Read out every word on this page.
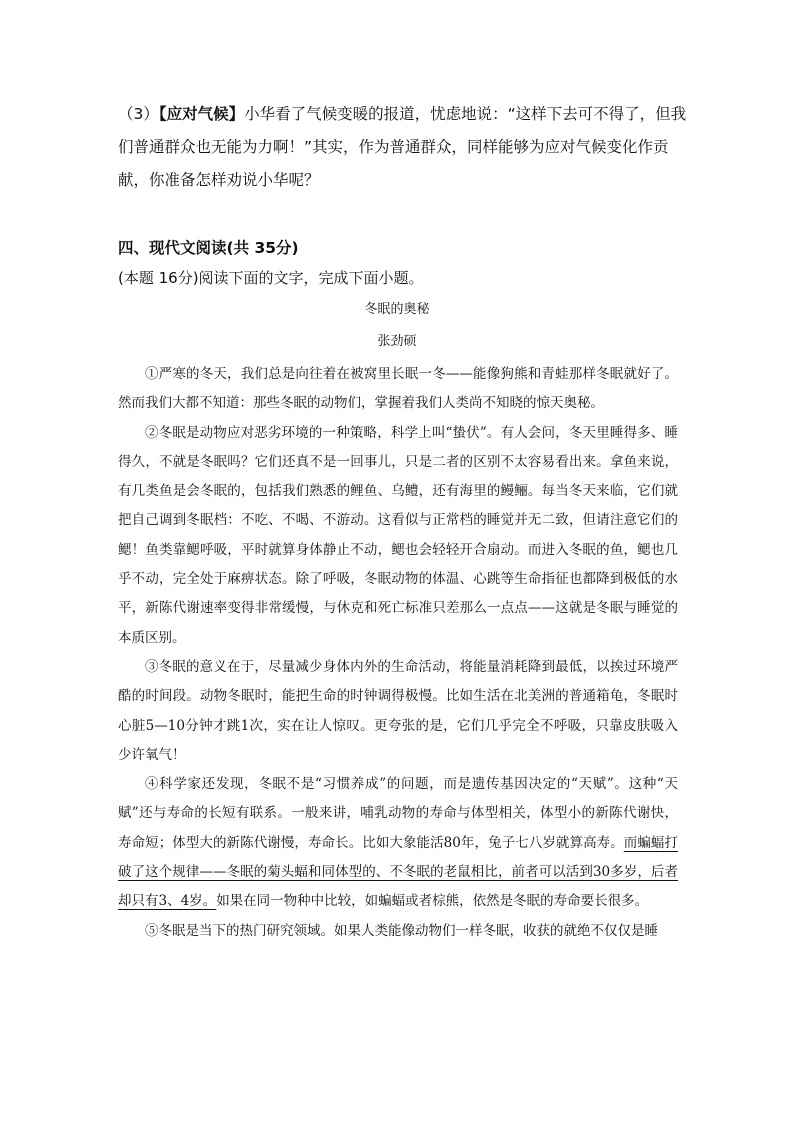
（3）【应对气候】小华看了气候变暖的报道，忧虑地说：“这样下去可不得了，但我们普通群众也无能为力啊！”其实，作为普通群众，同样能够为应对气候变化作贡献，你准备怎样劝说小华呢？

四、现代文阅读(共 35分)

(本题 16分)阅读下面的文字，完成下面小题。

冬眠的奥秘

张劲硕

①严寒的冬天，我们总是向往着在被窝里长眠一冬——能像狗熊和青蛙那样冬眠就好了。然而我们大都不知道：那些冬眠的动物们，掌握着我们人类尚不知晓的惊天奥秘。

②冬眠是动物应对恶劣环境的一种策略，科学上叫“蛰伏”。有人会问，冬天里睡得多、睡得久，不就是冬眠吗？它们还真不是一回事儿，只是二者的区别不太容易看出来。拿鱼来说，有几类鱼是会冬眠的，包括我们熟悉的鲤鱼、乌鳢，还有海里的鳗鲡。每当冬天来临，它们就把自己调到冬眠档：不吃、不喝、不游动。这看似与正常档的睡觉并无二致，但请注意它们的鳃！鱼类靠鳃呼吸，平时就算身体静止不动，鳃也会轻轻开合扇动。而进入冬眠的鱼，鳃也几乎不动，完全处于麻痹状态。除了呼吸，冬眠动物的体温、心跳等生命指征也都降到极低的水平，新陈代谢速率变得非常缓慢，与休克和死亡标准只差那么一点点——这就是冬眠与睡觉的本质区别。

③冬眠的意义在于，尽量减少身体内外的生命活动，将能量消耗降到最低，以挨过环境严酷的时间段。动物冬眠时，能把生命的时钟调得极慢。比如生活在北美洲的普通箱龟，冬眠时心脏5—10分钟才跳1次，实在让人惊叹。更夸张的是，它们几乎完全不呼吸，只靠皮肤吸入少许氧气！

④科学家还发现，冬眠不是“习惯养成”的问题，而是遗传基因决定的“天赋”。这种“天赋”还与寿命的长短有联系。一般来讲，哺乳动物的寿命与体型相关，体型小的新陈代谢快，寿命短；体型大的新陈代谢慢，寿命长。比如大象能活80年，兔子七八岁就算高寿。而蝙蝠打破了这个规律——冬眠的菊头蝠和同体型的、不冬眠的老鼠相比，前者可以活到30多岁，后者却只有3、4岁。如果在同一物种中比较，如蝙蝠或者棕熊，依然是冬眠的寿命要长很多。

⑤冬眠是当下的热门研究领域。如果人类能像动物们一样冬眠，收获的就绝不仅仅是睡
